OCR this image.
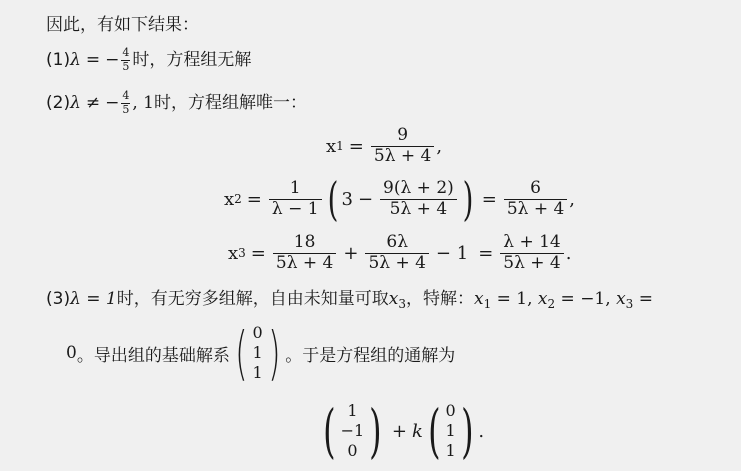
因此，有如下结果：
(1)λ = − $\frac{4}{5}$ 时，方程组无解
(2)λ ≠ − $\frac{4}{5}$ , 1时，方程组解唯一：
x $1 = \frac{9}{5\lambda + 4}$ ,
x $2 = \frac{1}{\lambda - 1}$ ( $3 - \frac{9(\lambda + 2)}{5\lambda + 4}$ ) = $\frac{6}{5\lambda + 4}$ ,
x $3 = \frac{18}{5\lambda + 4} + \frac{6\lambda}{5\lambda + 4} - 1 = \frac{\lambda + 14}{5\lambda + 4}$ .
(3)λ = 1时，有无穷多组解，自由未知量可取$x_3$，特解：$x_1 = 1$, $x_2 = -1$, $x_3$ =
0 。导出组的基础解系 ( 0
1
1 ) 。于是方程组的通解为
( 1
−1
0 ) + k ( 0
1
1 ) .
